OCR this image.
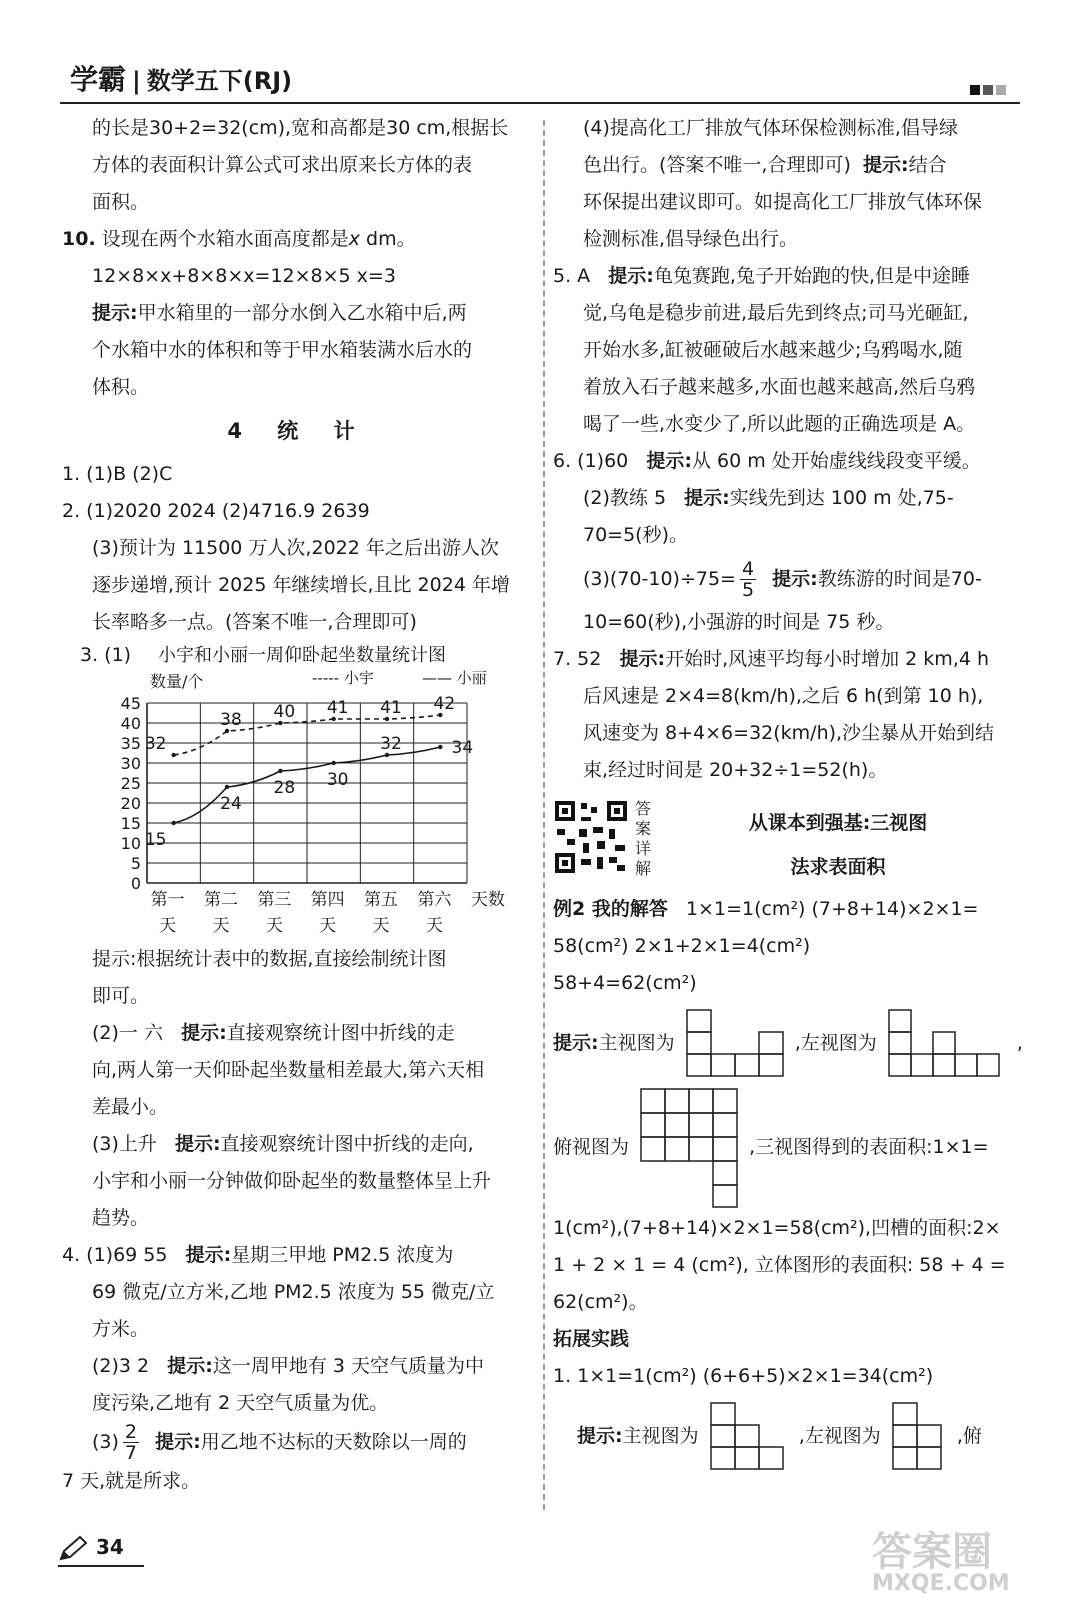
学霸 | 数学五下(RJ)

的长是30+2=32(cm),宽和高都是30 cm,根据长

方体的表面积计算公式可求出原来长方体的表

面积。

10. 设现在两个水箱水面高度都是x dm。

12×8×x+8×8×x=12×8×5 x=3

提示:甲水箱里的一部分水倒入乙水箱中后,两

个水箱中水的体积和等于甲水箱装满水后水的

体积。

4 统 计

1. (1)B (2)C

2. (1)2020 2024 (2)4716.9 2639

(3)预计为 11500 万人次,2022 年之后出游人次

逐步递增,预计 2025 年继续增长,且比 2024 年增

长率略多一点。(答案不唯一,合理即可)

3. (1) 小宇和小丽一周仰卧起坐数量统计图
数量/个	----- 小宇	—— 小丽
0
5
10
15
20
25
30
35
40
45
第一
天
第二
天
第三
天
第四
天
第五
天
第六
天
天数
32
38 40 41 41 42
15
24
28 30
32	34

提示:根据统计表中的数据,直接绘制统计图

即可。

(2)一 六 提示:直接观察统计图中折线的走

向,两人第一天仰卧起坐数量相差最大,第六天相

差最小。

(3)上升 提示:直接观察统计图中折线的走向,

小宇和小丽一分钟做仰卧起坐的数量整体呈上升

趋势。

4. (1)69 55 提示:星期三甲地 PM2.5 浓度为

69 微克/立方米,乙地 PM2.5 浓度为 55 微克/立

方米。

(2)3 2 提示:这一周甲地有 3 天空气质量为中

度污染,乙地有 2 天空气质量为优。

$(3) \frac{2}{7}$ 提示:用乙地不达标的天数除以一周的

7 天,就是所求。

(4)提高化工厂排放气体环保检测标准,倡导绿

色出行。(答案不唯一,合理即可) 提示:结合

环保提出建议即可。如提高化工厂排放气体环保

检测标准,倡导绿色出行。

5. A 提示:龟兔赛跑,兔子开始跑的快,但是中途睡

觉,乌龟是稳步前进,最后先到终点;司马光砸缸,

开始水多,缸被砸破后水越来越少;乌鸦喝水,随

着放入石子越来越多,水面也越来越高,然后乌鸦

喝了一些,水变少了,所以此题的正确选项是 A。

6. (1)60 提示:从 60 m 处开始虚线线段变平缓。

(2)教练 5 提示:实线先到达 100 m 处,75-

70=5(秒)。

$(3)(70-10)\div 75= \frac{4}{5}$ 提示:教练游的时间是70-

10=60(秒),小强游的时间是 75 秒。

7. 52 提示:开始时,风速平均每小时增加 2 km,4 h

后风速是 2×4=8(km/h),之后 6 h(到第 10 h),

风速变为 8+4×6=32(km/h),沙尘暴从开始到结

束,经过时间是 20+32÷1=52(h)。

答案详解
从课本到强基:三视图
法求表面积

例2 我的解答 1×1=1(cm²) (7+8+14)×2×1=

58(cm²) 2×1+2×1=4(cm²)

58+4=62(cm²)

提示:主视图为	,左视图为	,
俯视图为	,三视图得到的表面积:1×1=

1(cm²),(7+8+14)×2×1=58(cm²),凹槽的面积:2×

1 + 2 × 1 = 4 (cm²), 立体图形的表面积: 58 + 4 =

62(cm²)。

拓展实践

1. 1×1=1(cm²) (6+6+5)×2×1=34(cm²)

提示:主视图为	,左视图为	,俯
34	答案圈
MXQE.COM
